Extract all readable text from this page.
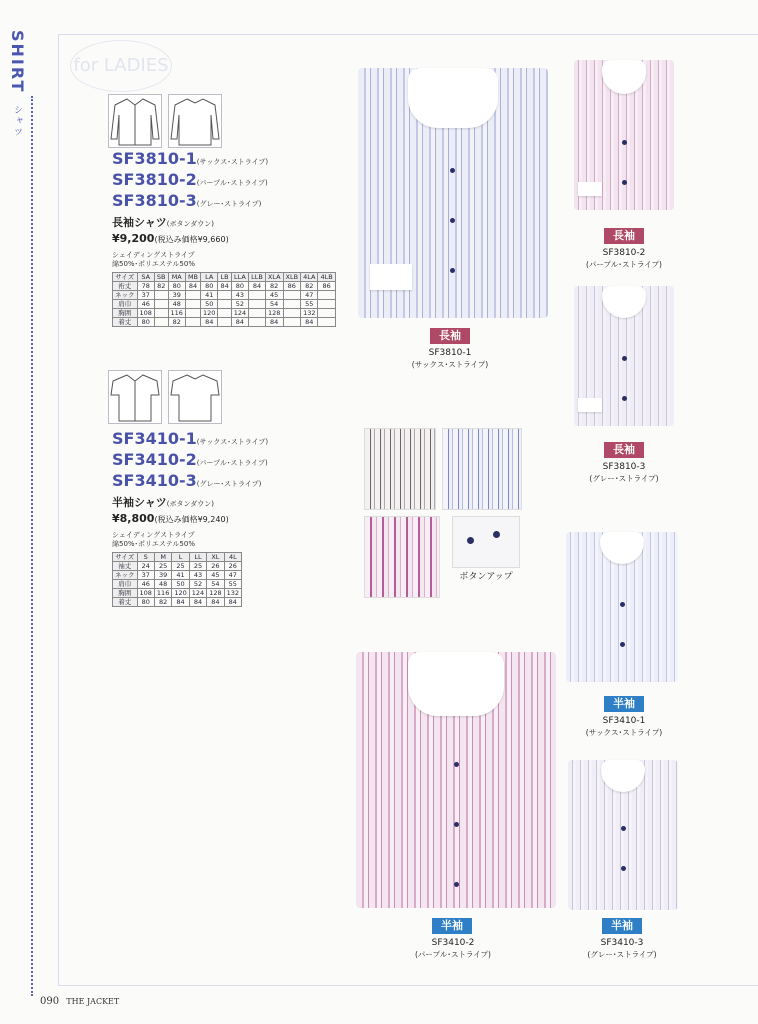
SHIRT シャツ
for LADIES
SF3810-1(サックス･ストライプ)
SF3810-2(パープル･ストライプ)
SF3810-3(グレー･ストライプ)
長袖シャツ(ボタンダウン)
¥9,200(税込み価格¥9,660)
シェイディングストライプ
綿50%･ポリエステル50%
サイズ	SA	SB	MA	MB	LA	LB	LLA	LLB	XLA	XLB	4LA	4LB
裄丈	78	82	80	84	80	84	80	84	82	86	82	86
ネック	37		39		41		43		45		47	
肩巾	46		48		50		52		54		55	
胸囲	108		116		120		124		128		132	
着丈	80		82		84		84		84		84	
SF3410-1(サックス･ストライプ)
SF3410-2(パープル･ストライプ)
SF3410-3(グレー･ストライプ)
半袖シャツ(ボタンダウン)
¥8,800(税込み価格¥9,240)
シェイディングストライプ
綿50%･ポリエステル50%
サイズ	S	M	L	LL	XL	4L
袖丈	24	25	25	25	26	26
ネック	37	39	41	43	45	47
肩巾	46	48	50	52	54	55
胸囲	108	116	120	124	128	132
着丈	80	82	84	84	84	84
長袖
SF3810-1
(サックス･ストライプ)
長袖
SF3810-2
(パープル･ストライプ)
長袖
SF3810-3
(グレー･ストライプ)
半袖
SF3410-1
(サックス･ストライプ)
半袖
SF3410-2
(パープル･ストライプ)
半袖
SF3410-3
(グレー･ストライプ)
ボタンアップ
090 THE JACKET
